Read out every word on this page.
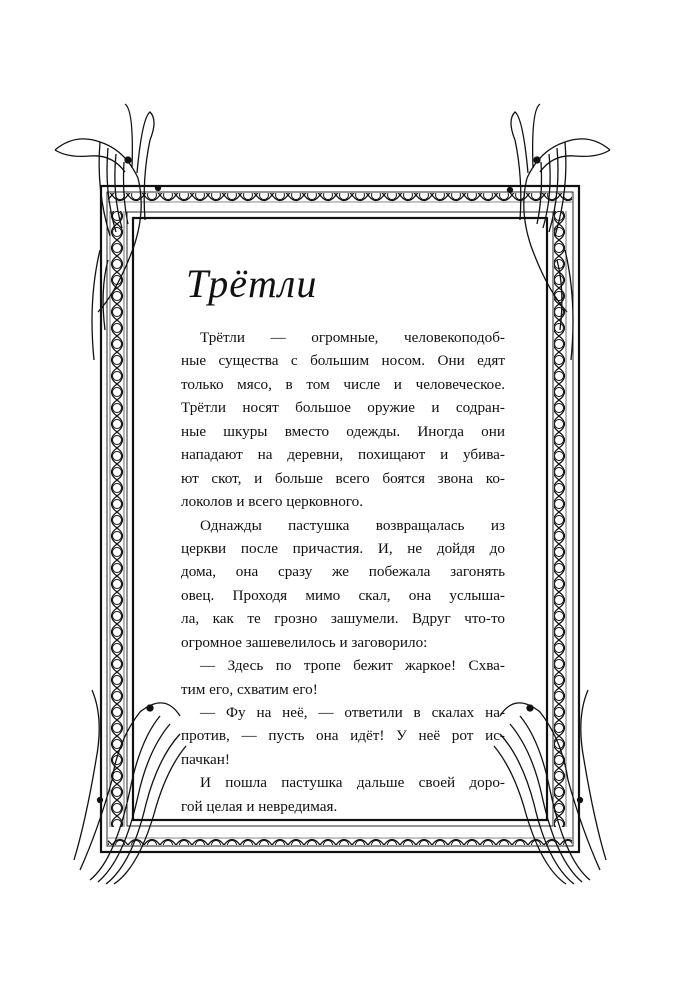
Трётли
Трётли — огромные, человекоподоб-
ные существа с большим носом. Они едят
только мясо, в том числе и человеческое.
Трётли носят большое оружие и содран-
ные шкуры вместо одежды. Иногда они
нападают на деревни, похищают и убива-
ют скот, и больше всего боятся звона ко-
локолов и всего церковного.
Однажды пастушка возвращалась из
церкви после причастия. И, не дойдя до
дома, она сразу же побежала загонять
овец. Проходя мимо скал, она услыша-
ла, как те грозно зашумели. Вдруг что-то
огромное зашевелилось и заговорило:
— Здесь по тропе бежит жаркое! Схва-
тим его, схватим его!
— Фу на неё, — ответили в скалах на-
против, — пусть она идёт! У неё рот ис-
пачкан!
И пошла пастушка дальше своей доро-
гой целая и невредимая.
